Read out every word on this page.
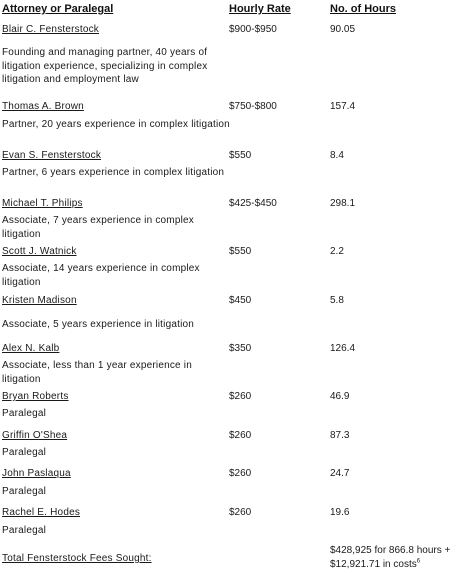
Attorney or Paralegal	Hourly Rate	No. of Hours
Blair C. Fensterstock	$900-$950	90.05
Founding and managing partner, 40 years of litigation experience, specializing in complex litigation and employment law
Thomas A. Brown	$750-$800	157.4
Partner, 20 years experience in complex litigation
Evan S. Fensterstock	$550	8.4
Partner, 6 years experience in complex litigation
Michael T. Philips	$425-$450	298.1
Associate, 7 years experience in complex litigation
Scott J. Watnick	$550	2.2
Associate, 14 years experience in complex litigation
Kristen Madison	$450	5.8
Associate, 5 years experience in litigation
Alex N. Kalb	$350	126.4
Associate, less than 1 year experience in litigation
Bryan Roberts	$260	46.9
Paralegal
Griffin O'Shea	$260	87.3
Paralegal
John Paslaqua	$260	24.7
Paralegal
Rachel E. Hodes	$260	19.6
Paralegal
Total Fensterstock Fees Sought:
$428,925 for 866.8 hours +
$12,921.71 in costs$^6$
